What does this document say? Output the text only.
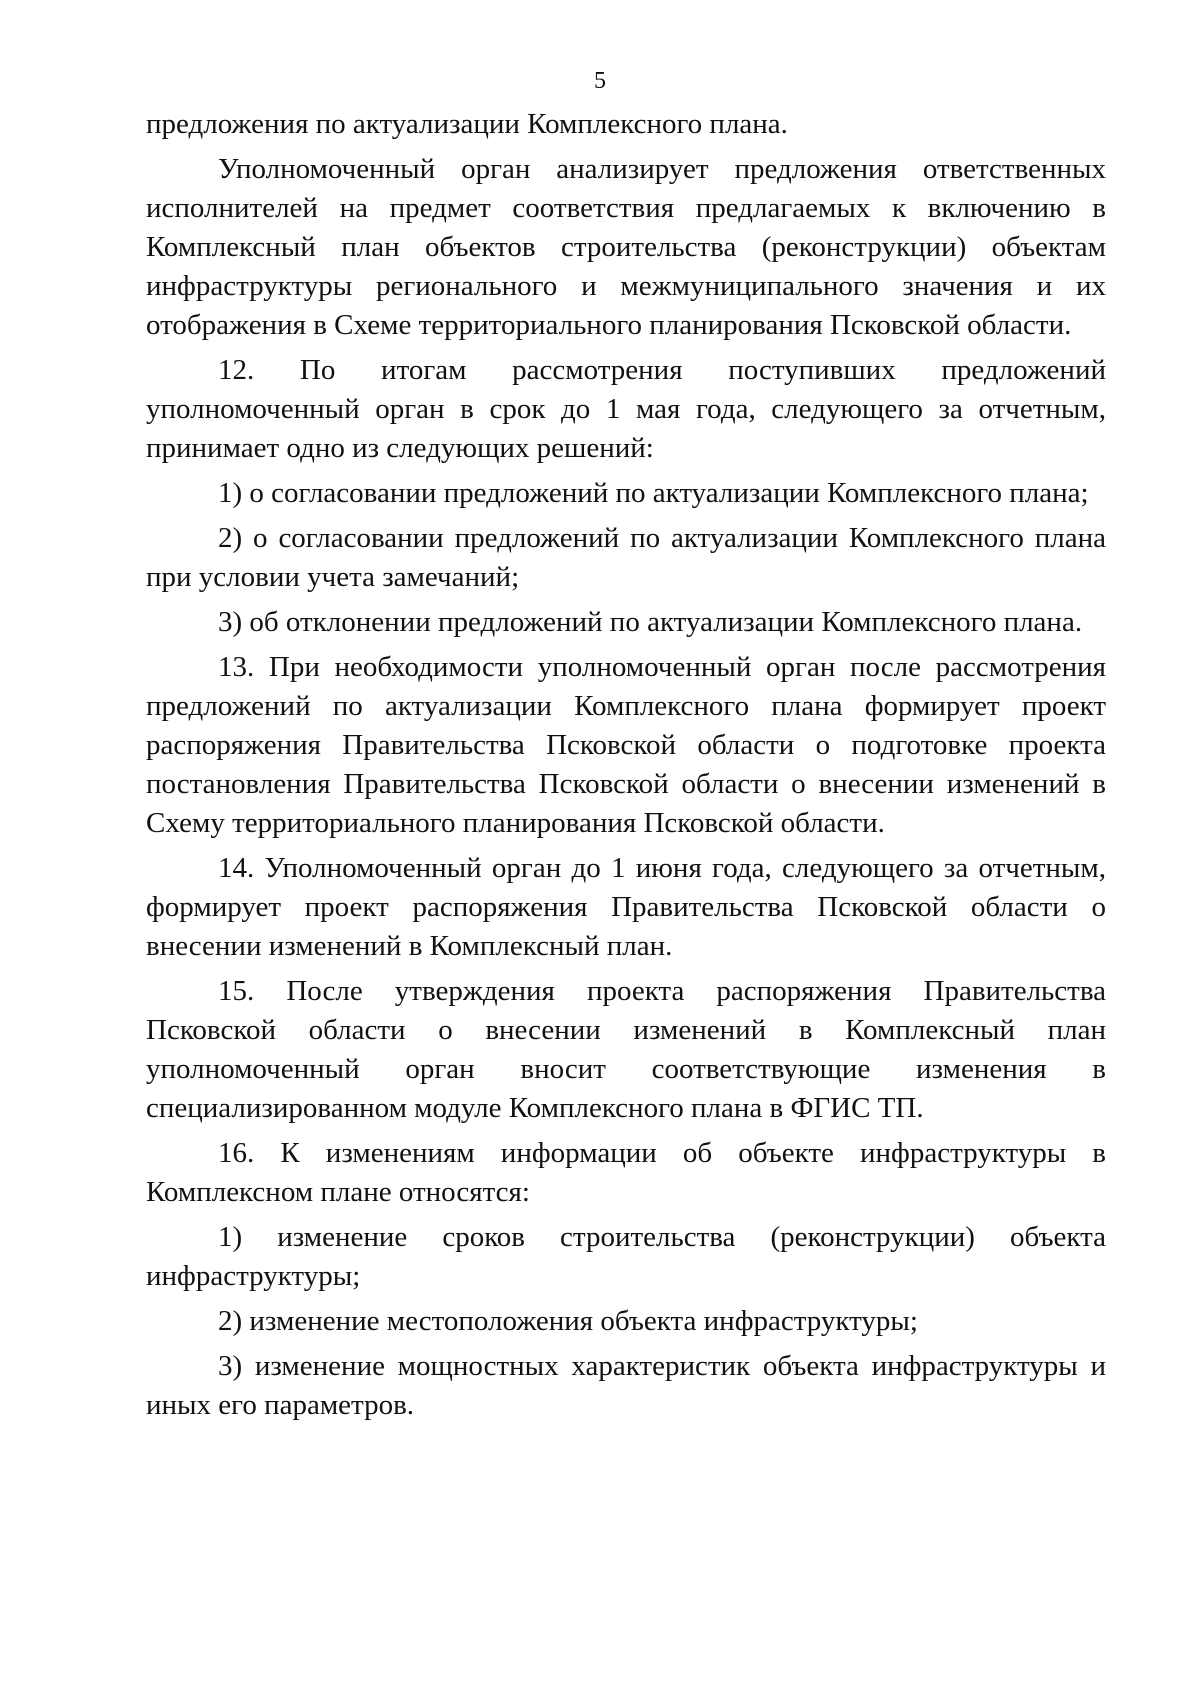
5

предложения по актуализации Комплексного плана.

Уполномоченный орган анализирует предложения ответственных исполнителей на предмет соответствия предлагаемых к включению в Комплексный план объектов строительства (реконструкции) объектам инфраструктуры регионального и межмуниципального значения и их отображения в Схеме территориального планирования Псковской области.

12. По итогам рассмотрения поступивших предложений уполномоченный орган в срок до 1 мая года, следующего за отчетным, принимает одно из следующих решений:

1) о согласовании предложений по актуализации Комплексного плана;

2) о согласовании предложений по актуализации Комплексного плана при условии учета замечаний;

3) об отклонении предложений по актуализации Комплексного плана.

13. При необходимости уполномоченный орган после рассмотрения предложений по актуализации Комплексного плана формирует проект распоряжения Правительства Псковской области о подготовке проекта постановления Правительства Псковской области о внесении изменений в Схему территориального планирования Псковской области.

14. Уполномоченный орган до 1 июня года, следующего за отчетным, формирует проект распоряжения Правительства Псковской области о внесении изменений в Комплексный план.

15. После утверждения проекта распоряжения Правительства Псковской области о внесении изменений в Комплексный план уполномоченный орган вносит соответствующие изменения в специализированном модуле Комплексного плана в ФГИС ТП.

16. К изменениям информации об объекте инфраструктуры в Комплексном плане относятся:

1) изменение сроков строительства (реконструкции) объекта инфраструктуры;

2) изменение местоположения объекта инфраструктуры;

3) изменение мощностных характеристик объекта инфраструктуры и иных его параметров.
